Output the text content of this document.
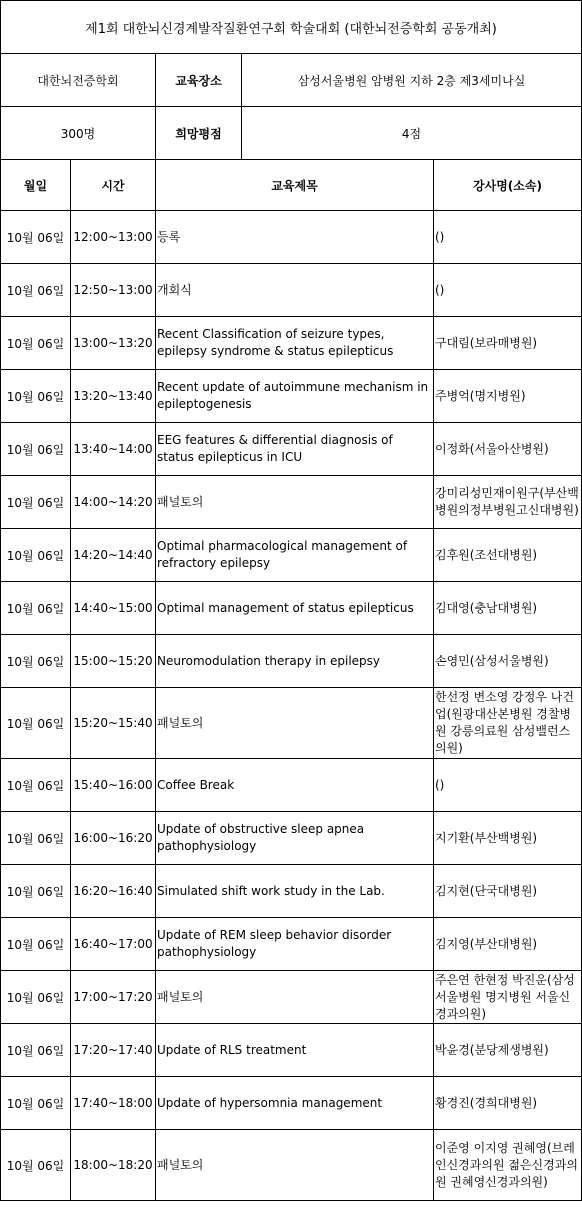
제1회 대한뇌신경계발작질환연구회 학술대회 (대한뇌전증학회 공동개최)
대한뇌전증학회	교육장소	삼성서울병원 암병원 지하 2층 제3세미나실
300명	희망평점	4점
월일	시간	교육제목	강사명(소속)
10월 06일	12:00~13:00	등록	()
10월 06일	12:50~13:00	개회식	()
10월 06일	13:00~13:20	Recent Classification of seizure types, epilepsy syndrome & status epilepticus	구대림(보라매병원)
10월 06일	13:20~13:40	Recent update of autoimmune mechanism in epileptogenesis	주병억(명지병원)
10월 06일	13:40~14:00	EEG features & differential diagnosis of status epilepticus in ICU	이정화(서울아산병원)
10월 06일	14:00~14:20	패널토의	강미리성민재이원구(부산백병원의정부병원고신대병원)
10월 06일	14:20~14:40	Optimal pharmacological management of refractory epilepsy	김후원(조선대병원)
10월 06일	14:40~15:00	Optimal management of status epilepticus	김대영(충남대병원)
10월 06일	15:00~15:20	Neuromodulation therapy in epilepsy	손영민(삼성서울병원)
10월 06일	15:20~15:40	패널토의	한선정 변소영 강정우 나건업(원광대산본병원 경찰병원 강릉의료원 삼성밸런스의원)
10월 06일	15:40~16:00	Coffee Break	()
10월 06일	16:00~16:20	Update of obstructive sleep apnea pathophysiology	지기환(부산백병원)
10월 06일	16:20~16:40	Simulated shift work study in the Lab.	김지현(단국대병원)
10월 06일	16:40~17:00	Update of REM sleep behavior disorder pathophysiology	김지영(부산대병원)
10월 06일	17:00~17:20	패널토의	주은연 한현정 박진운(삼성서울병원 명지병원 서울신경과의원)
10월 06일	17:20~17:40	Update of RLS treatment	박윤경(분당제생병원)
10월 06일	17:40~18:00	Update of hypersomnia management	황경진(경희대병원)
10월 06일	18:00~18:20	패널토의	이준영 이지영 권혜영(브레인신경과의원 젊은신경과의원 권혜영신경과의원)
